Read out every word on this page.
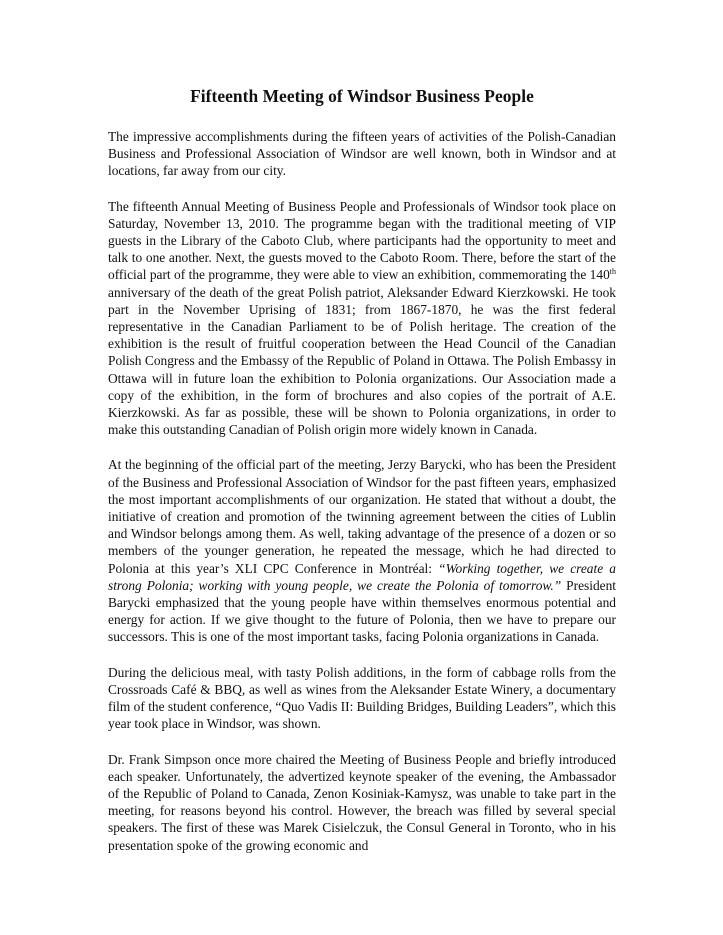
Fifteenth Meeting of Windsor Business People

The impressive accomplishments during the fifteen years of activities of the Polish-Canadian Business and Professional Association of Windsor are well known, both in Windsor and at locations, far away from our city.

The fifteenth Annual Meeting of Business People and Professionals of Windsor took place on Saturday, November 13, 2010. The programme began with the traditional meeting of VIP guests in the Library of the Caboto Club, where participants had the opportunity to meet and talk to one another. Next, the guests moved to the Caboto Room. There, before the start of the official part of the programme, they were able to view an exhibition, commemorating the 140th anniversary of the death of the great Polish patriot, Aleksander Edward Kierzkowski. He took part in the November Uprising of 1831; from 1867-1870, he was the first federal representative in the Canadian Parliament to be of Polish heritage. The creation of the exhibition is the result of fruitful cooperation between the Head Council of the Canadian Polish Congress and the Embassy of the Republic of Poland in Ottawa. The Polish Embassy in Ottawa will in future loan the exhibition to Polonia organizations. Our Association made a copy of the exhibition, in the form of brochures and also copies of the portrait of A.E. Kierzkowski. As far as possible, these will be shown to Polonia organizations, in order to make this outstanding Canadian of Polish origin more widely known in Canada.

At the beginning of the official part of the meeting, Jerzy Barycki, who has been the President of the Business and Professional Association of Windsor for the past fifteen years, emphasized the most important accomplishments of our organization. He stated that without a doubt, the initiative of creation and promotion of the twinning agreement between the cities of Lublin and Windsor belongs among them. As well, taking advantage of the presence of a dozen or so members of the younger generation, he repeated the message, which he had directed to Polonia at this year’s XLI CPC Conference in Montréal: “Working together, we create a strong Polonia; working with young people, we create the Polonia of tomorrow.” President Barycki emphasized that the young people have within themselves enormous potential and energy for action. If we give thought to the future of Polonia, then we have to prepare our successors. This is one of the most important tasks, facing Polonia organizations in Canada.

During the delicious meal, with tasty Polish additions, in the form of cabbage rolls from the Crossroads Café & BBQ, as well as wines from the Aleksander Estate Winery, a documentary film of the student conference, “Quo Vadis II: Building Bridges, Building Leaders”, which this year took place in Windsor, was shown.

Dr. Frank Simpson once more chaired the Meeting of Business People and briefly introduced each speaker. Unfortunately, the advertized keynote speaker of the evening, the Ambassador of the Republic of Poland to Canada, Zenon Kosiniak-Kamysz, was unable to take part in the meeting, for reasons beyond his control. However, the breach was filled by several special speakers. The first of these was Marek Cisielczuk, the Consul General in Toronto, who in his presentation spoke of the growing economic and
